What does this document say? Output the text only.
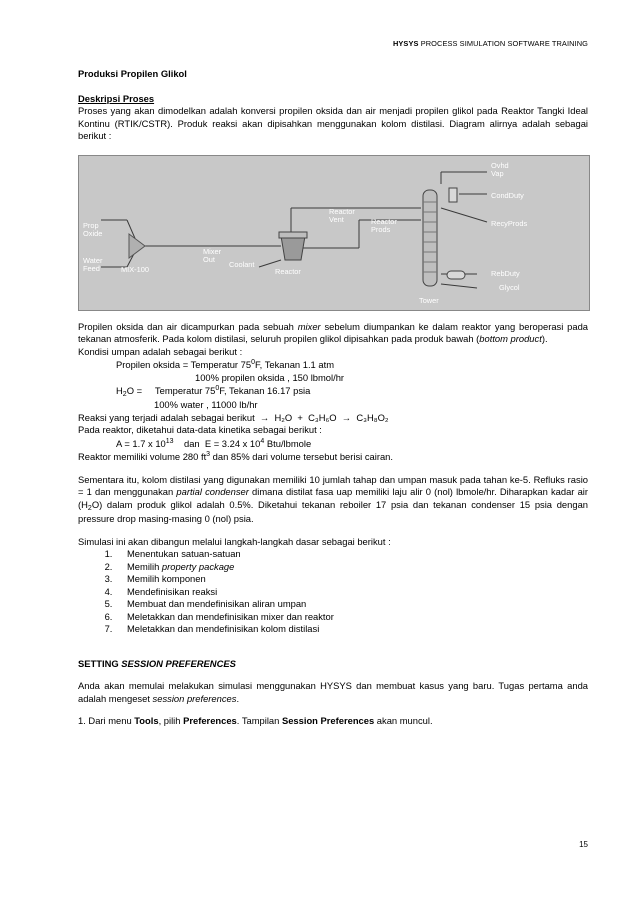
HYSYS PROCESS SIMULATION SOFTWARE TRAINING

Produksi Propilen Glikol

Deskripsi Proses

Proses yang akan dimodelkan adalah konversi propilen oksida dan air menjadi propilen glikol pada Reaktor Tangki Ideal Kontinu (RTIK/CSTR). Produk reaksi akan dipisahkan menggunakan kolom distilasi. Diagram alirnya adalah sebagai berikut :

Prop
Oxide
Water
Feed	MIX-100
Mixer
Out
Coolant
Reactor
Reactor
Vent	Reactor
Prods
Ovhd
Vap
CondDuty
RecyProds
RebDuty
Glycol
Tower

Propilen oksida dan air dicampurkan pada sebuah mixer sebelum diumpankan ke dalam reaktor yang beroperasi pada tekanan atmosferik. Pada kolom distilasi, seluruh propilen glikol dipisahkan pada produk bawah (bottom product).

Kondisi umpan adalah sebagai berikut :

Propilen oksida = Temperatur $75^0F$, Tekanan 1.1 atm

100% propilen oksida , 150 lbmol/hr

$H_2O$ =     Temperatur $75^0F$, Tekanan 16.17 psia

100% water , 11000 lb/hr

Reaksi yang terjadi adalah sebagai berikut → H₂O + C₃H₆O → C₃H₈O₂

Pada reaktor, diketahui data-data kinetika sebagai berikut :

A = 1.7 x $10^{13}$    dan  E = 3.24 x $10^4$ Btu/lbmole

Reaktor memiliki volume 280 $ft^3$ dan 85% dari volume tersebut berisi cairan.

Sementara itu, kolom distilasi yang digunakan memiliki 10 jumlah tahap dan umpan masuk pada tahan ke-5. Refluks rasio = 1 dan menggunakan partial condenser dimana distilat fasa uap memiliki laju alir 0 (nol) lbmole/hr. Diharapkan kadar air $(H_2O)$ dalam produk glikol adalah 0.5%. Diketahui tekanan reboiler 17 psia dan tekanan condenser 15 psia dengan pressure drop masing-masing 0 (nol) psia.

Simulasi ini akan dibangun melalui langkah-langkah dasar sebagai berikut :

1. Menentukan satuan-satuan
2. Memilih property package
3. Memilih komponen
4. Mendefinisikan reaksi
5. Membuat dan mendefinisikan aliran umpan
6. Meletakkan dan mendefinisikan mixer dan reaktor
7. Meletakkan dan mendefinisikan kolom distilasi

SETTING SESSION PREFERENCES

Anda akan memulai melakukan simulasi menggunakan HYSYS dan membuat kasus yang baru. Tugas pertama anda adalah mengeset session preferences.

1. Dari menu Tools, pilih Preferences. Tampilan Session Preferences akan muncul.

15
